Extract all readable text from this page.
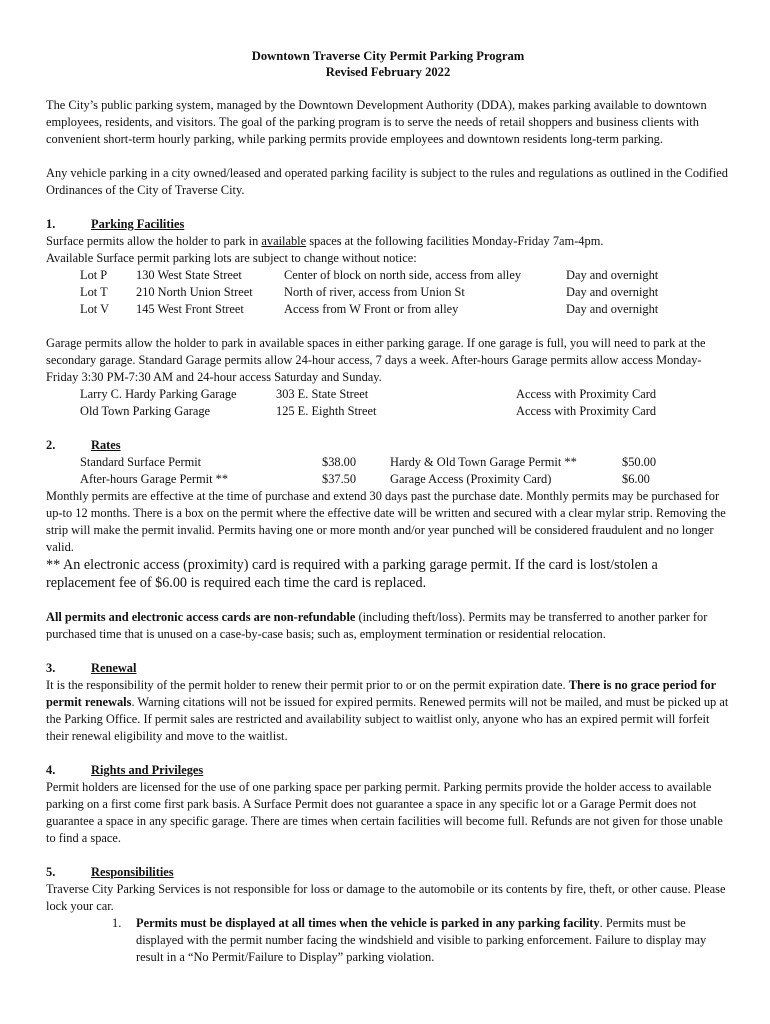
Downtown Traverse City Permit Parking Program
Revised February 2022

The City’s public parking system, managed by the Downtown Development Authority (DDA), makes parking available to downtown employees, residents, and visitors. The goal of the parking program is to serve the needs of retail shoppers and business clients with convenient short-term hourly parking, while parking permits provide employees and downtown residents long-term parking.

Any vehicle parking in a city owned/leased and operated parking facility is subject to the rules and regulations as outlined in the Codified Ordinances of the City of Traverse City.

1.	Parking Facilities

Surface permits allow the holder to park in available spaces at the following facilities Monday-Friday 7am-4pm.

Available Surface permit parking lots are subject to change without notice:

Lot P	130 West State Street	Center of block on north side, access from alley	Day and overnight
Lot T	210 North Union Street	North of river, access from Union St	Day and overnight
Lot V	145 West Front Street	Access from W Front or from alley	Day and overnight

Garage permits allow the holder to park in available spaces in either parking garage. If one garage is full, you will need to park at the secondary garage. Standard Garage permits allow 24-hour access, 7 days a week. After-hours Garage permits allow access Monday-Friday 3:30 PM-7:30 AM and 24-hour access Saturday and Sunday.

Larry C. Hardy Parking Garage	303 E. State Street	Access with Proximity Card
Old Town Parking Garage	125 E. Eighth Street	Access with Proximity Card
2.	Rates
Standard Surface Permit	$38.00	Hardy & Old Town Garage Permit **	$50.00
After-hours Garage Permit **	$37.50	Garage Access (Proximity Card)	$6.00

Monthly permits are effective at the time of purchase and extend 30 days past the purchase date. Monthly permits may be purchased for up-to 12 months. There is a box on the permit where the effective date will be written and secured with a clear mylar strip. Removing the strip will make the permit invalid. Permits having one or more month and/or year punched will be considered fraudulent and no longer valid.

** An electronic access (proximity) card is required with a parking garage permit. If the card is lost/stolen a replacement fee of $6.00 is required each time the card is replaced.

All permits and electronic access cards are non-refundable (including theft/loss). Permits may be transferred to another parker for purchased time that is unused on a case-by-case basis; such as, employment termination or residential relocation.

3.	Renewal

It is the responsibility of the permit holder to renew their permit prior to or on the permit expiration date. There is no grace period for permit renewals. Warning citations will not be issued for expired permits. Renewed permits will not be mailed, and must be picked up at the Parking Office. If permit sales are restricted and availability subject to waitlist only, anyone who has an expired permit will forfeit their renewal eligibility and move to the waitlist.

4.	Rights and Privileges

Permit holders are licensed for the use of one parking space per parking permit. Parking permits provide the holder access to available parking on a first come first park basis. A Surface Permit does not guarantee a space in any specific lot or a Garage Permit does not guarantee a space in any specific garage. There are times when certain facilities will become full. Refunds are not given for those unable to find a space.

5.	Responsibilities

Traverse City Parking Services is not responsible for loss or damage to the automobile or its contents by fire, theft, or other cause. Please lock your car.

1.	Permits must be displayed at all times when the vehicle is parked in any parking facility. Permits must be displayed with the permit number facing the windshield and visible to parking enforcement. Failure to display may result in a “No Permit/Failure to Display” parking violation.
